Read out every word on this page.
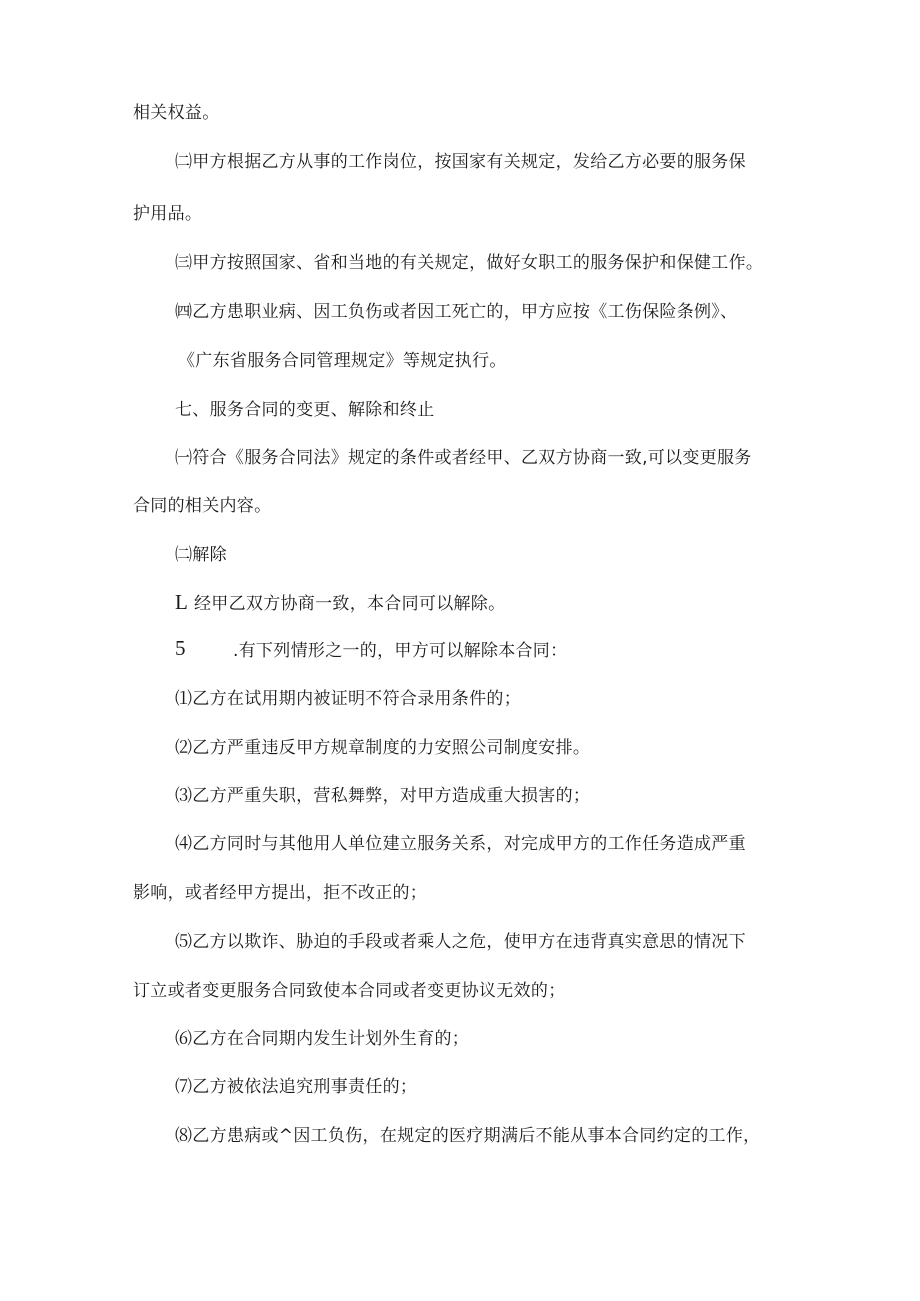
相关权益。
㈡甲方根据乙方从事的工作岗位，按国家有关规定，发给乙方必要的服务保
护用品。
㈢甲方按照国家、省和当地的有关规定，做好女职工的服务保护和保健工作。
㈣乙方患职业病、因工负伤或者因工死亡的，甲方应按《工伤保险条例》、
《广东省服务合同管理规定》等规定执行。
七、服务合同的变更、解除和终止
㈠符合《服务合同法》规定的条件或者经甲、乙双方协商一致,可以变更服务
合同的相关内容。
㈡解除
L 经甲乙双方协商一致，本合同可以解除。
5	.有下列情形之一的，甲方可以解除本合同：
⑴乙方在试用期内被证明不符合录用条件的；
⑵乙方严重违反甲方规章制度的力安照公司制度安排。
⑶乙方严重失职，营私舞弊，对甲方造成重大损害的；
⑷乙方同时与其他用人单位建立服务关系，对完成甲方的工作任务造成严重
影响，或者经甲方提出，拒不改正的；
⑸乙方以欺诈、胁迫的手段或者乘人之危，使甲方在违背真实意思的情况下
订立或者变更服务合同致使本合同或者变更协议无效的；
⑹乙方在合同期内发生计划外生育的；
⑺乙方被依法追究刑事责任的；
⑻乙方患病或^因工负伤，在规定的医疗期满后不能从事本合同约定的工作，
